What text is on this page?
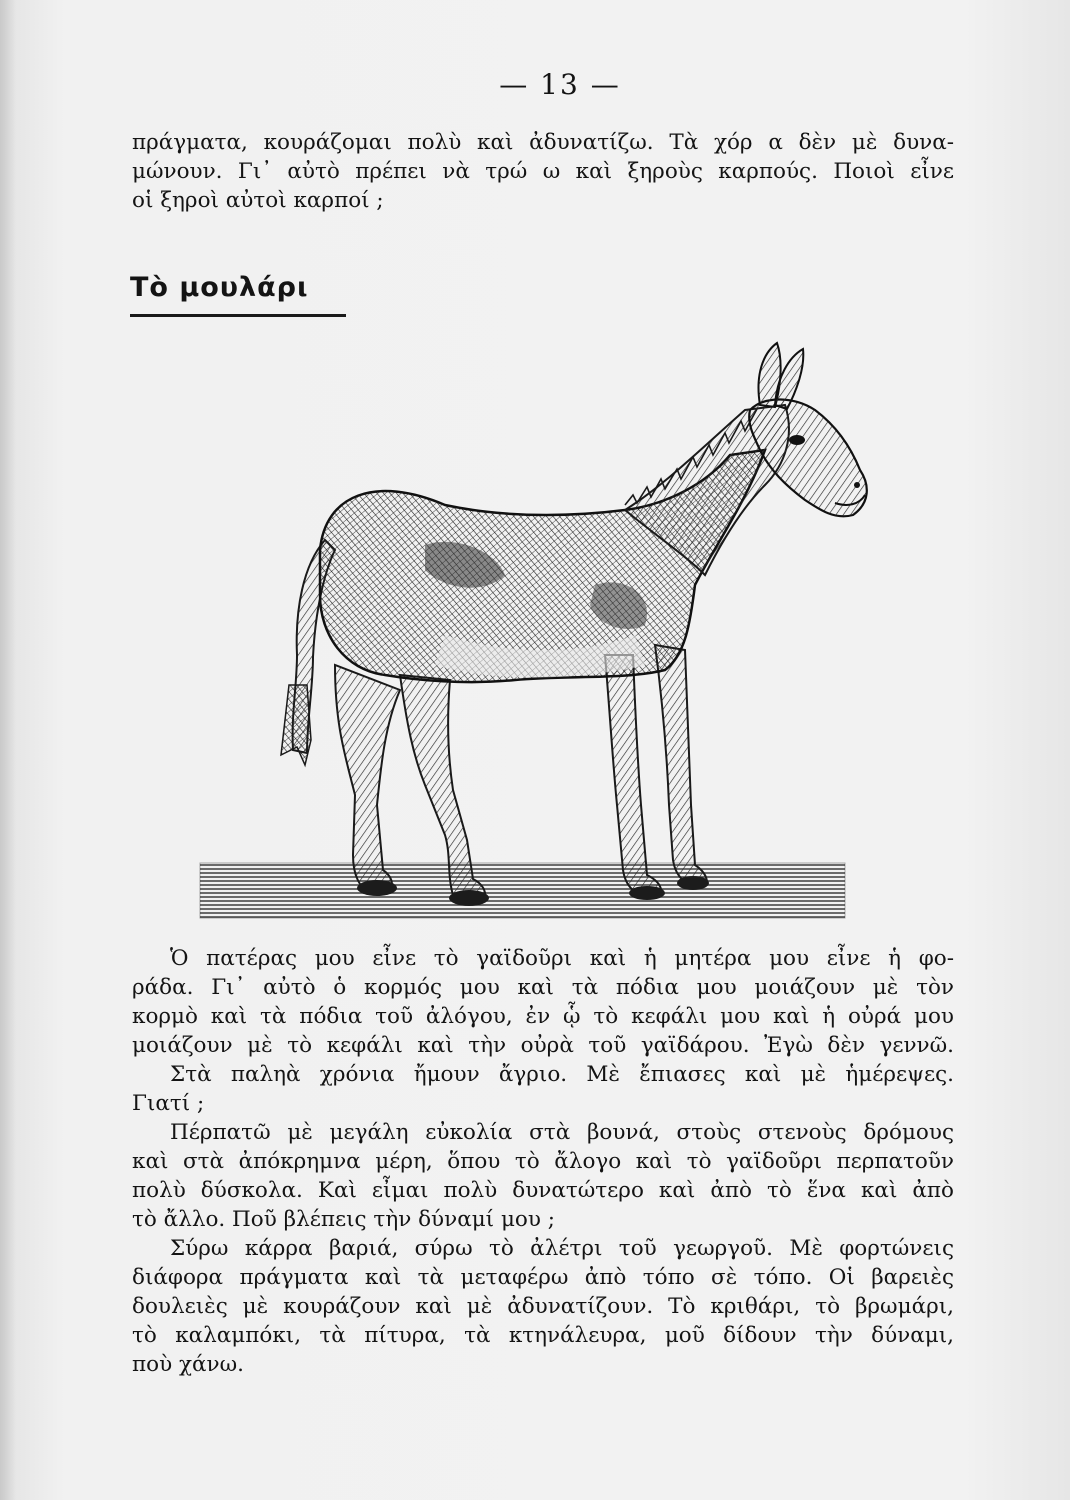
— 13 —
πράγματα, κουράζομαι πολὺ καὶ ἀδυνατίζω. Τὰ χόρ α δὲν μὲ δυνα-
μώνουν. Γι᾽ αὐτὸ πρέπει νὰ τρώ ω καὶ ξηροὺς καρπούς. Ποιοὶ εἶνε
οἱ ξηροὶ αὐτοὶ καρποί ;
Τὸ μουλάρι
Ὁ πατέρας μου εἶνε τὸ γαϊδοῦρι καὶ ἡ μητέρα μου εἶνε ἡ φο-
ράδα. Γι᾽ αὐτὸ ὁ κορμός μου καὶ τὰ πόδια μου μοιάζουν μὲ τὸν
κορμὸ καὶ τὰ πόδια τοῦ ἀλόγου, ἐν ᾧ τὸ κεφάλι μου καὶ ἡ οὐρά μου
μοιάζουν μὲ τὸ κεφάλι καὶ τὴν οὐρὰ τοῦ γαϊδάρου. Ἐγὼ δὲν γεννῶ.
Στὰ παληὰ χρόνια ἤμουν ἄγριο. Μὲ ἔπιασες καὶ μὲ ἡμέρεψες.
Γιατί ;
Πέρπατῶ μὲ μεγάλη εὐκολία στὰ βουνά, στοὺς στενοὺς δρόμους
καὶ στὰ ἀπόκρημνα μέρη, ὅπου τὸ ἄλογο καὶ τὸ γαϊδοῦρι περπατοῦν
πολὺ δύσκολα. Καὶ εἶμαι πολὺ δυνατώτερο καὶ ἀπὸ τὸ ἕνα καὶ ἀπὸ
τὸ ἄλλο. Ποῦ βλέπεις τὴν δύναμί μου ;
Σύρω κάρρα βαριά, σύρω τὸ ἀλέτρι τοῦ γεωργοῦ. Μὲ φορτώνεις
διάφορα πράγματα καὶ τὰ μεταφέρω ἀπὸ τόπο σὲ τόπο. Οἱ βαρειὲς
δουλειὲς μὲ κουράζουν καὶ μὲ ἀδυνατίζουν. Τὸ κριθάρι, τὸ βρωμάρι,
τὸ καλαμπόκι, τὰ πίτυρα, τὰ κτηνάλευρα, μοῦ δίδουν τὴν δύναμι,
ποὺ χάνω.
